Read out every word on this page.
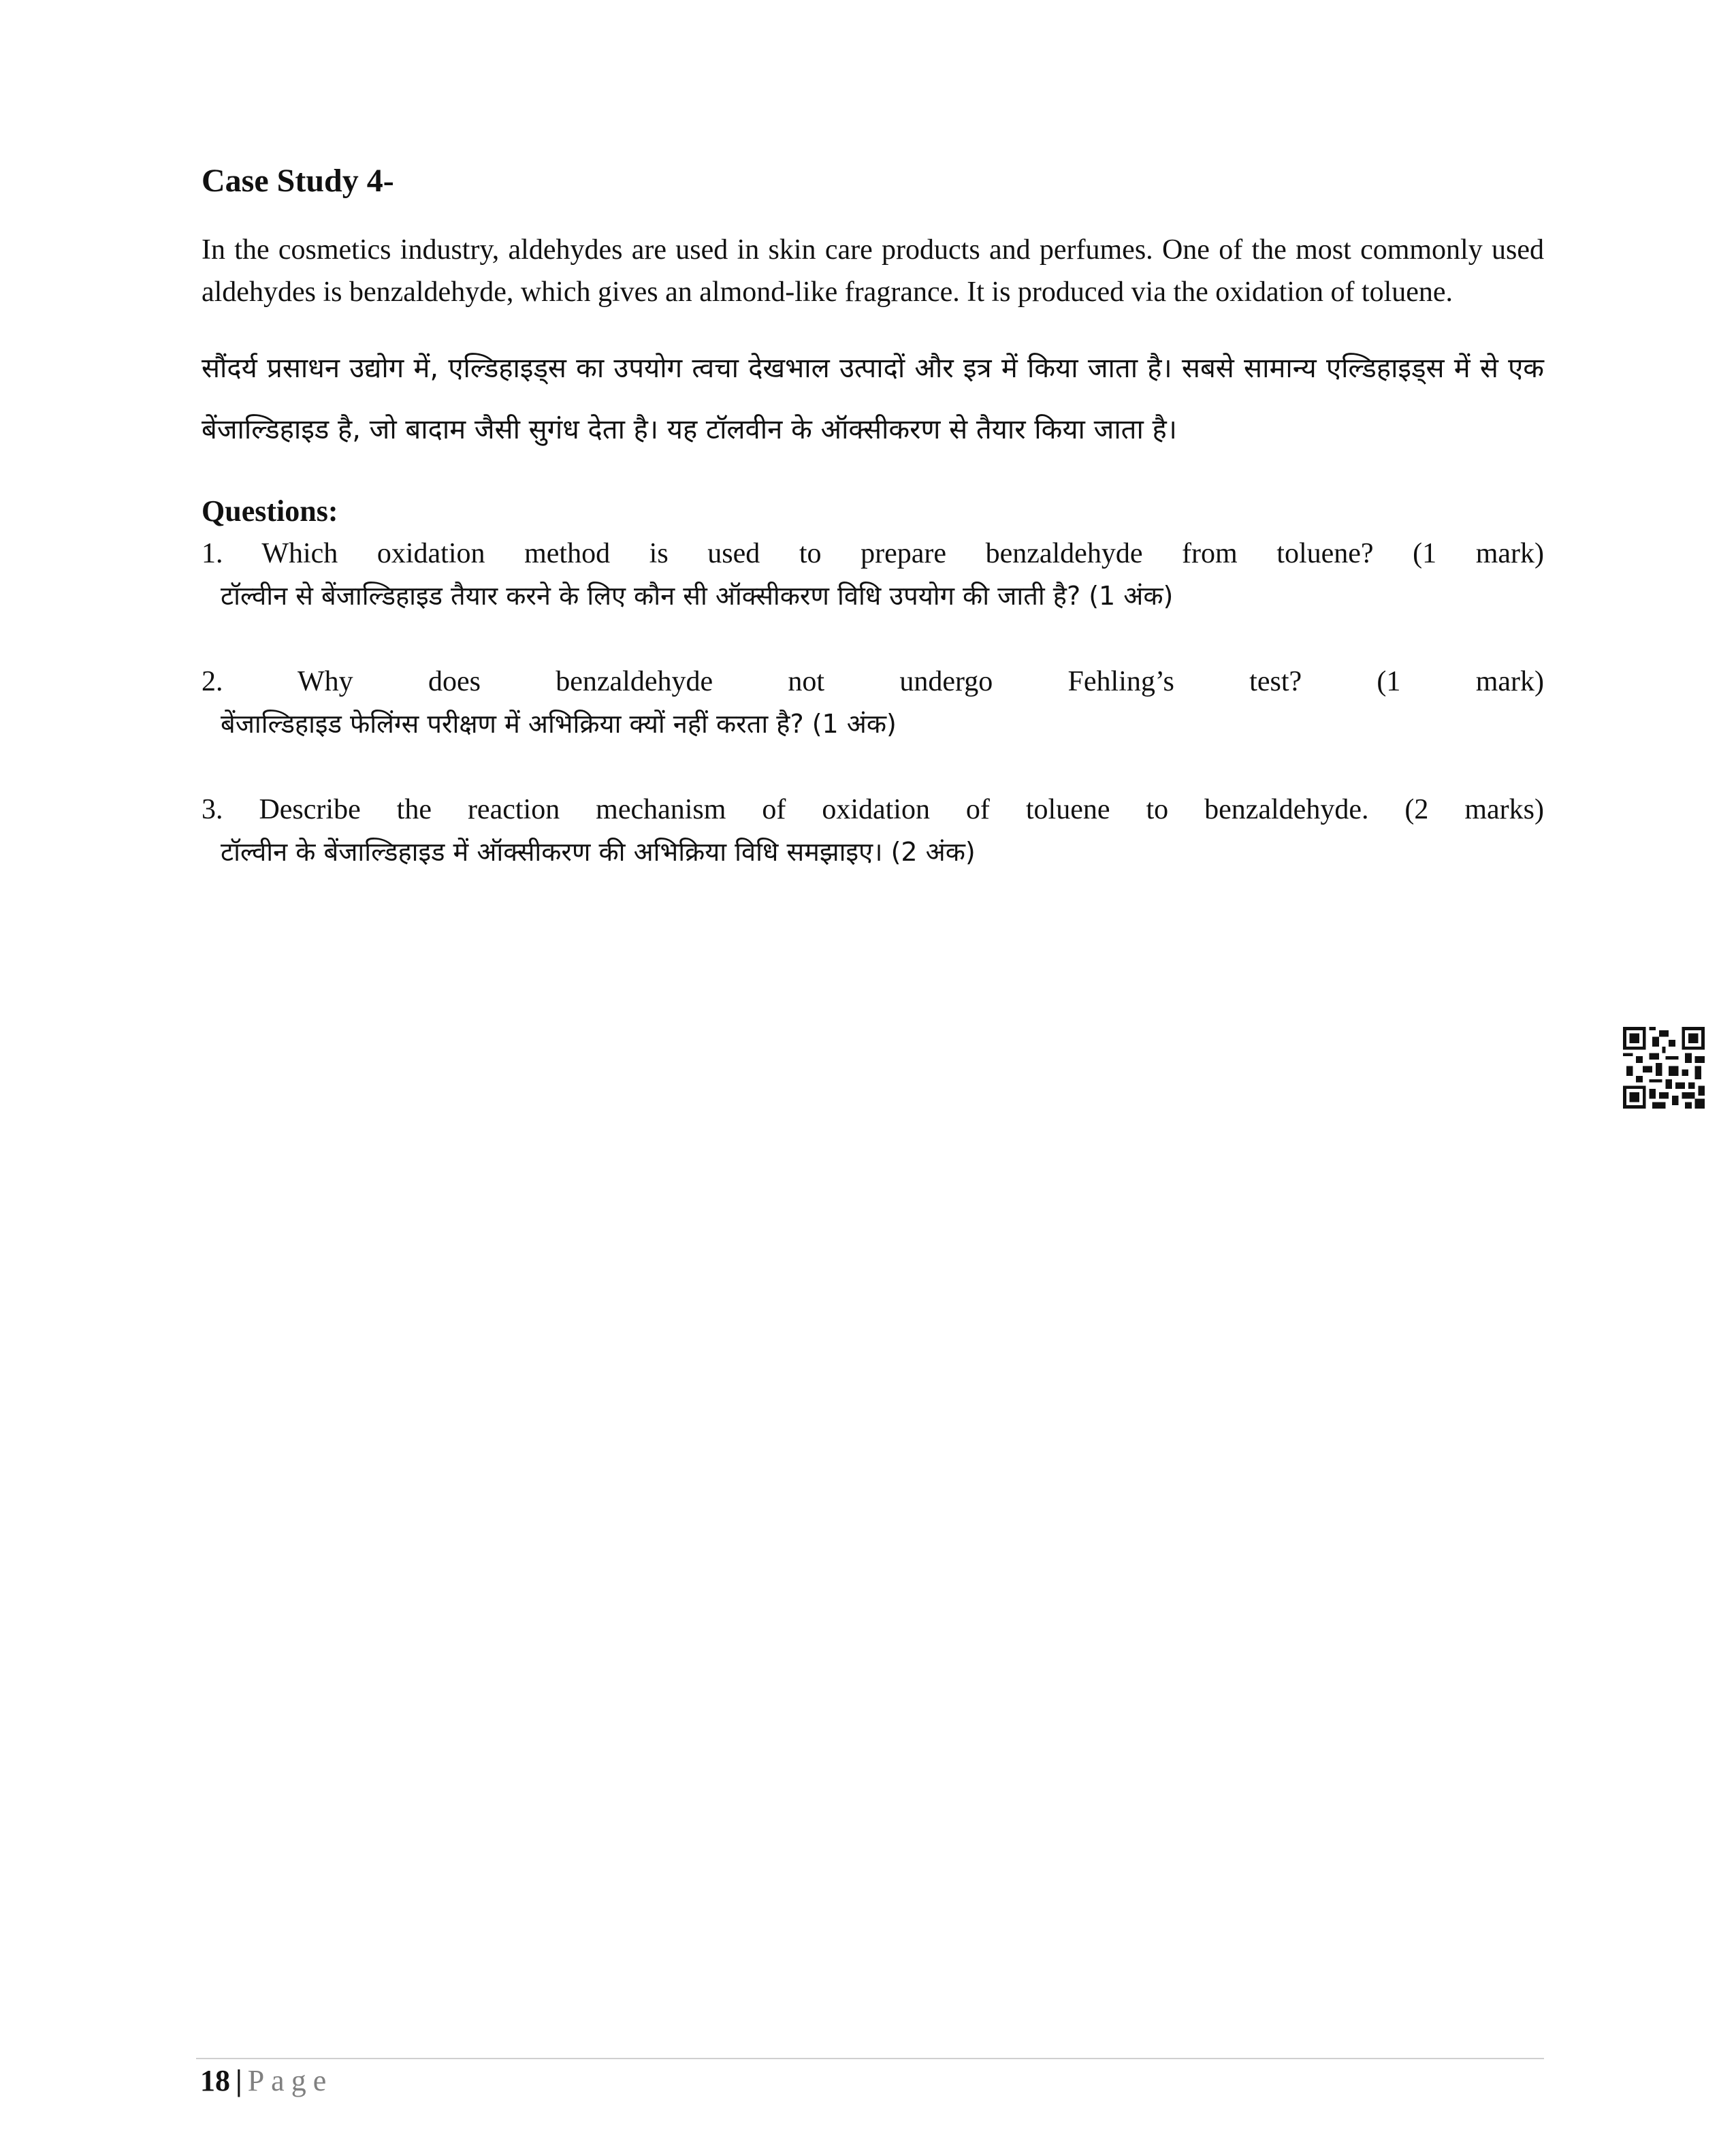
Case Study 4-

In the cosmetics industry, aldehydes are used in skin care products and perfumes. One of the most commonly used aldehydes is benzaldehyde, which gives an almond-like fragrance. It is produced via the oxidation of toluene.

सौंदर्य प्रसाधन उद्योग में, एल्डिहाइड्स का उपयोग त्वचा देखभाल उत्पादों और इत्र में किया जाता है। सबसे सामान्य एल्डिहाइड्स में से एक बेंजाल्डिहाइड है, जो बादाम जैसी सुगंध देता है। यह टॉलवीन के ऑक्सीकरण से तैयार किया जाता है।

Questions:

1. Which oxidation method is used to prepare benzaldehyde from toluene? (1 mark)

टॉल्वीन से बेंजाल्डिहाइड तैयार करने के लिए कौन सी ऑक्सीकरण विधि उपयोग की जाती है? (1 अंक)

2. Why does benzaldehyde not undergo Fehling’s test? (1 mark)

बेंजाल्डिहाइड फेलिंग्स परीक्षण में अभिक्रिया क्यों नहीं करता है? (1 अंक)

3. Describe the reaction mechanism of oxidation of toluene to benzaldehyde. (2 marks)

टॉल्वीन के बेंजाल्डिहाइड में ऑक्सीकरण की अभिक्रिया विधि समझाइए। (2 अंक)

18 | Page
